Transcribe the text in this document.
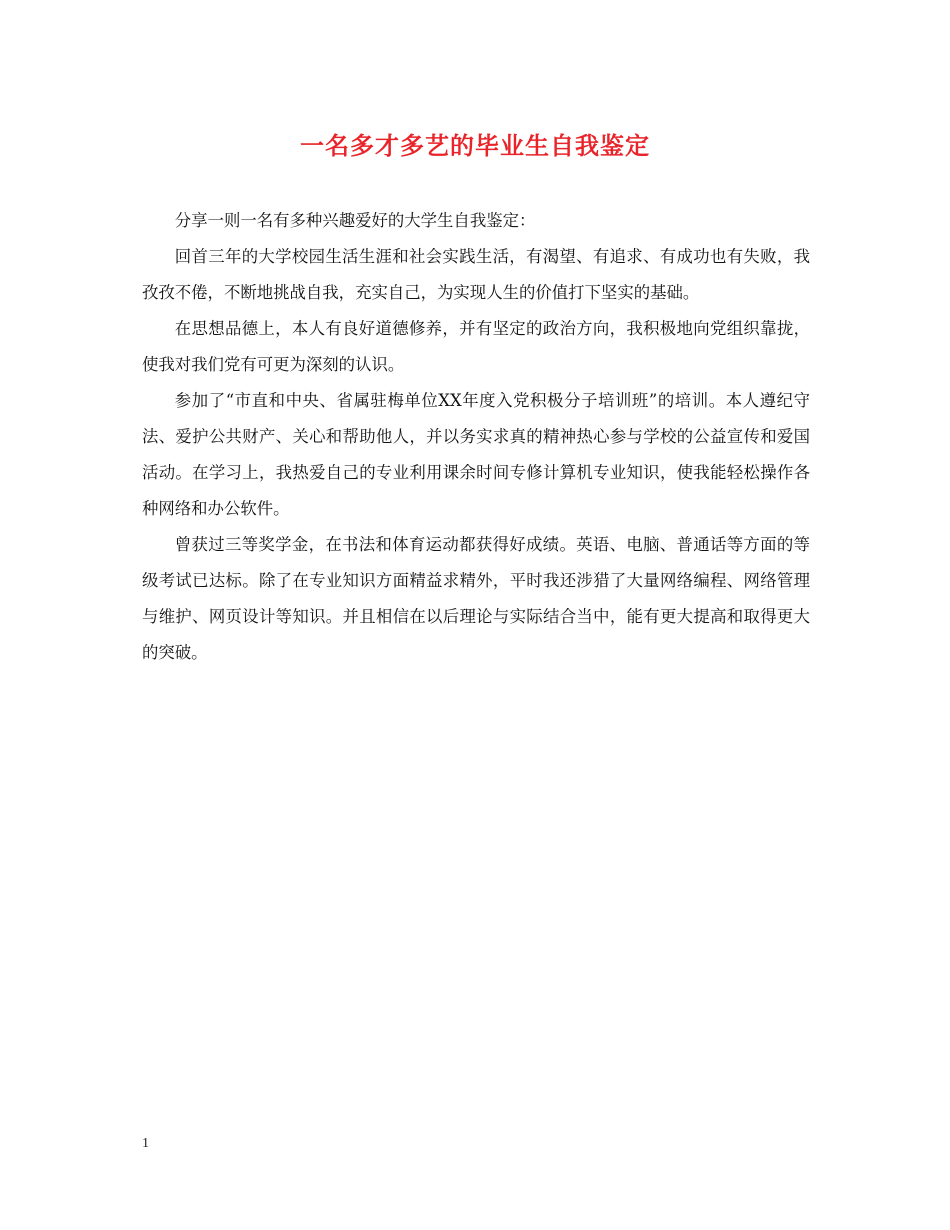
一名多才多艺的毕业生自我鉴定

分享一则一名有多种兴趣爱好的大学生自我鉴定：

回首三年的大学校园生活生涯和社会实践生活，有渴望、有追求、有成功也有失败，我孜孜不倦，不断地挑战自我，充实自己，为实现人生的价值打下坚实的基础。

在思想品德上，本人有良好道德修养，并有坚定的政治方向，我积极地向党组织靠拢，使我对我们党有可更为深刻的认识。

参加了“市直和中央、省属驻梅单位XX年度入党积极分子培训班”的培训。本人遵纪守法、爱护公共财产、关心和帮助他人，并以务实求真的精神热心参与学校的公益宣传和爱国活动。在学习上，我热爱自己的专业利用课余时间专修计算机专业知识，使我能轻松操作各种网络和办公软件。

曾获过三等奖学金，在书法和体育运动都获得好成绩。英语、电脑、普通话等方面的等级考试已达标。除了在专业知识方面精益求精外，平时我还涉猎了大量网络编程、网络管理与维护、网页设计等知识。并且相信在以后理论与实际结合当中，能有更大提高和取得更大的突破。

1
